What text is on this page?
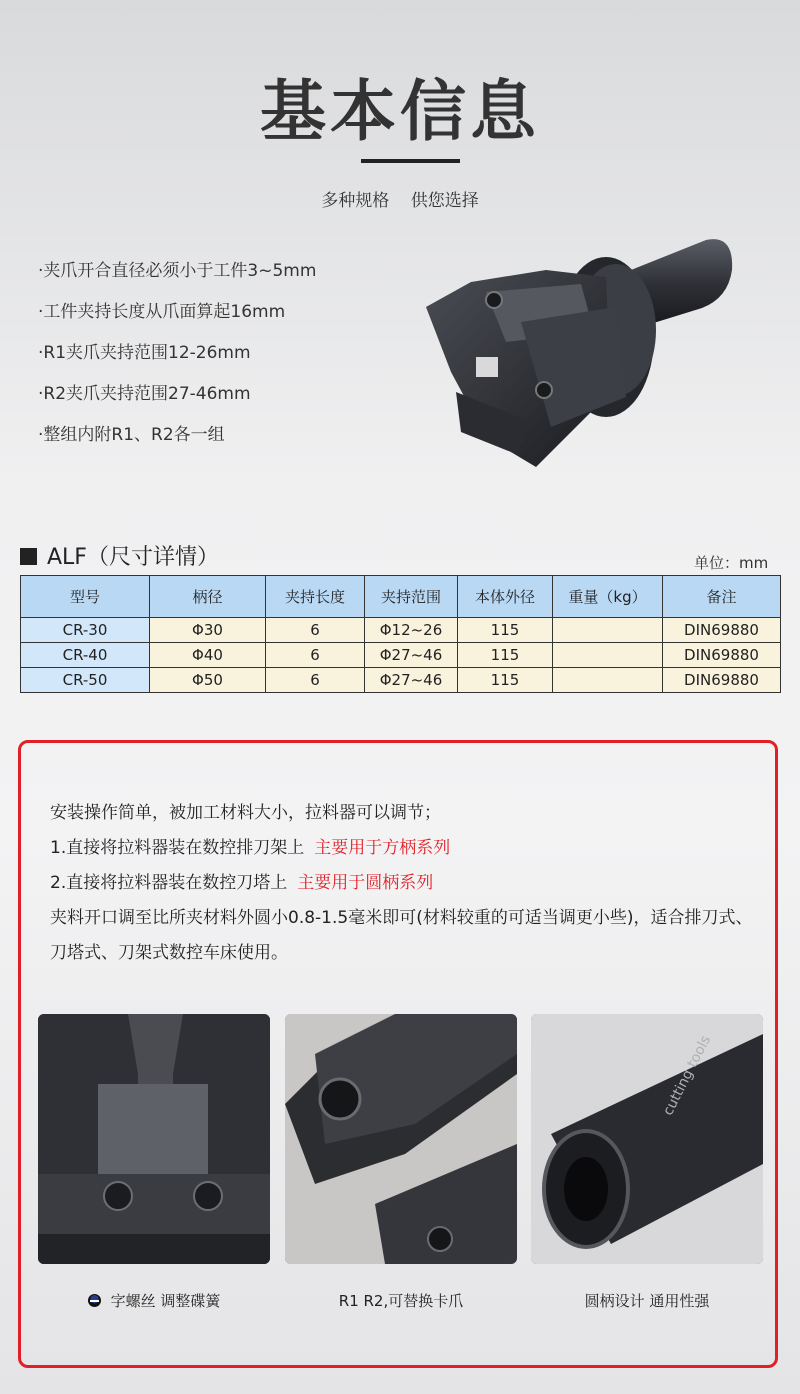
基本信息
多种规格 供您选择
·夹爪开合直径必须小于工件3~5mm
·工件夹持长度从爪面算起16mm
·R1夹爪夹持范围12-26mm
·R2夹爪夹持范围27-46mm
·整组内附R1、R2各一组
ALF（尺寸详情）	单位：mm
型号	柄径	夹持长度	夹持范围	本体外径	重量（kg）	备注
CR-30	Φ30	6	Φ12~26	115		DIN69880
CR-40	Φ40	6	Φ27~46	115		DIN69880
CR-50	Φ50	6	Φ27~46	115		DIN69880
安装操作简单，被加工材料大小，拉料器可以调节；
1.直接将拉料器装在数控排刀架上 主要用于方柄系列
2.直接将拉料器装在数控刀塔上 主要用于圆柄系列
夹料开口调至比所夹材料外圆小0.8-1.5毫米即可(材料较重的可适当调更小些)，适合排刀式、刀塔式、刀架式数控车床使用。
cutting tools
字螺丝 调整碟簧	R1 R2,可替换卡爪	圆柄设计 通用性强
